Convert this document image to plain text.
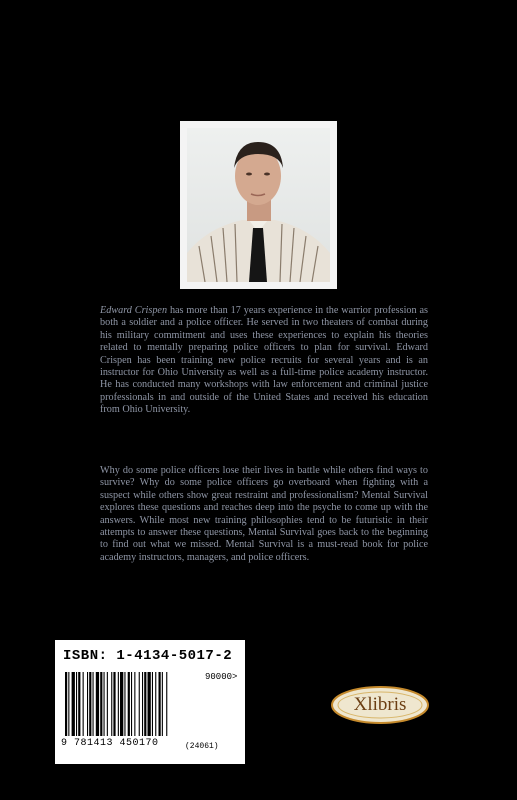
Edward Crispen has more than 17 years experience in the warrior profession as both a soldier and a police officer. He served in two theaters of combat during his military commitment and uses these experiences to explain his theories related to mentally preparing police officers to plan for survival. Edward Crispen has been training new police recruits for several years and is an instructor for Ohio University as well as a full-time police academy instructor. He has conducted many workshops with law enforcement and criminal justice professionals in and outside of the United States and received his education from Ohio University.

Why do some police officers lose their lives in battle while others find ways to survive? Why do some police officers go overboard when fighting with a suspect while others show great restraint and professionalism? Mental Survival explores these questions and reaches deep into the psyche to come up with the answers. While most new training philosophies tend to be futuristic in their attempts to answer these questions, Mental Survival goes back to the beginning to find out what we missed. Mental Survival is a must-read book for police academy instructors, managers, and police officers.

ISBN: 1-4134-5017-2
90000>
9 781413 450170	(24061)
Xlibris
